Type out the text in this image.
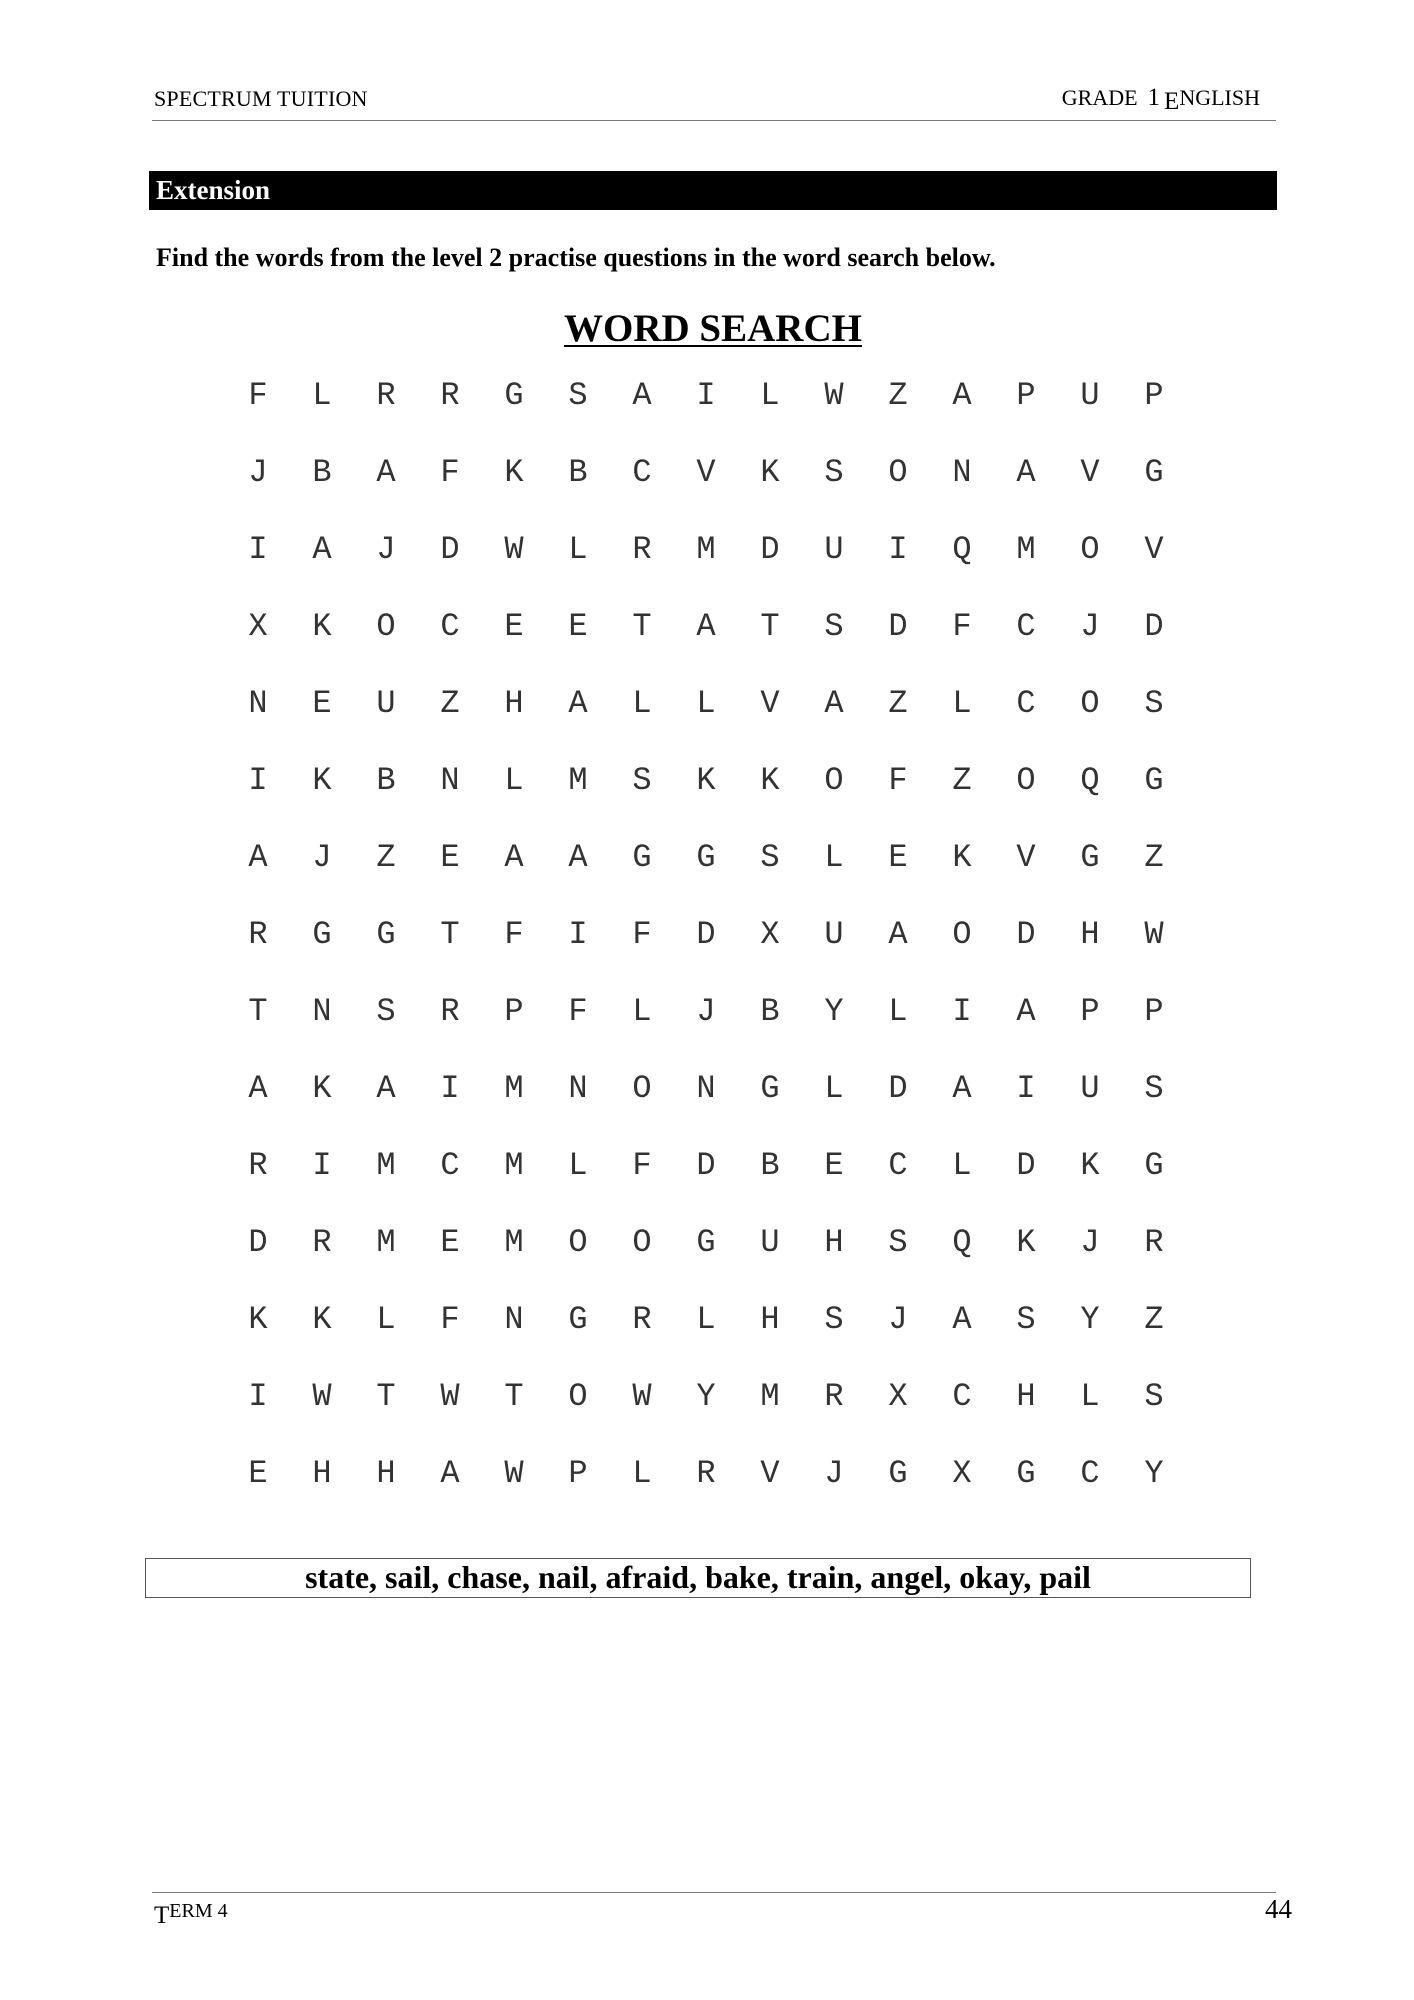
SPECTRUM TUITION	GRADE 1 ENGLISH
Extension
Find the words from the level 2 practise questions in the word search below.
WORD SEARCH
F	L	R	R	G	S	A	I	L	W	Z	A	P	U	P
J	B	A	F	K	B	C	V	K	S	O	N	A	V	G
I	A	J	D	W	L	R	M	D	U	I	Q	M	O	V
X	K	O	C	E	E	T	A	T	S	D	F	C	J	D
N	E	U	Z	H	A	L	L	V	A	Z	L	C	O	S
I	K	B	N	L	M	S	K	K	O	F	Z	O	Q	G
A	J	Z	E	A	A	G	G	S	L	E	K	V	G	Z
R	G	G	T	F	I	F	D	X	U	A	O	D	H	W
T	N	S	R	P	F	L	J	B	Y	L	I	A	P	P
A	K	A	I	M	N	O	N	G	L	D	A	I	U	S
R	I	M	C	M	L	F	D	B	E	C	L	D	K	G
D	R	M	E	M	O	O	G	U	H	S	Q	K	J	R
K	K	L	F	N	G	R	L	H	S	J	A	S	Y	Z
I	W	T	W	T	O	W	Y	M	R	X	C	H	L	S
E	H	H	A	W	P	L	R	V	J	G	X	G	C	Y
state, sail, chase, nail, afraid, bake, train, angel, okay, pail
TERM 4	44
